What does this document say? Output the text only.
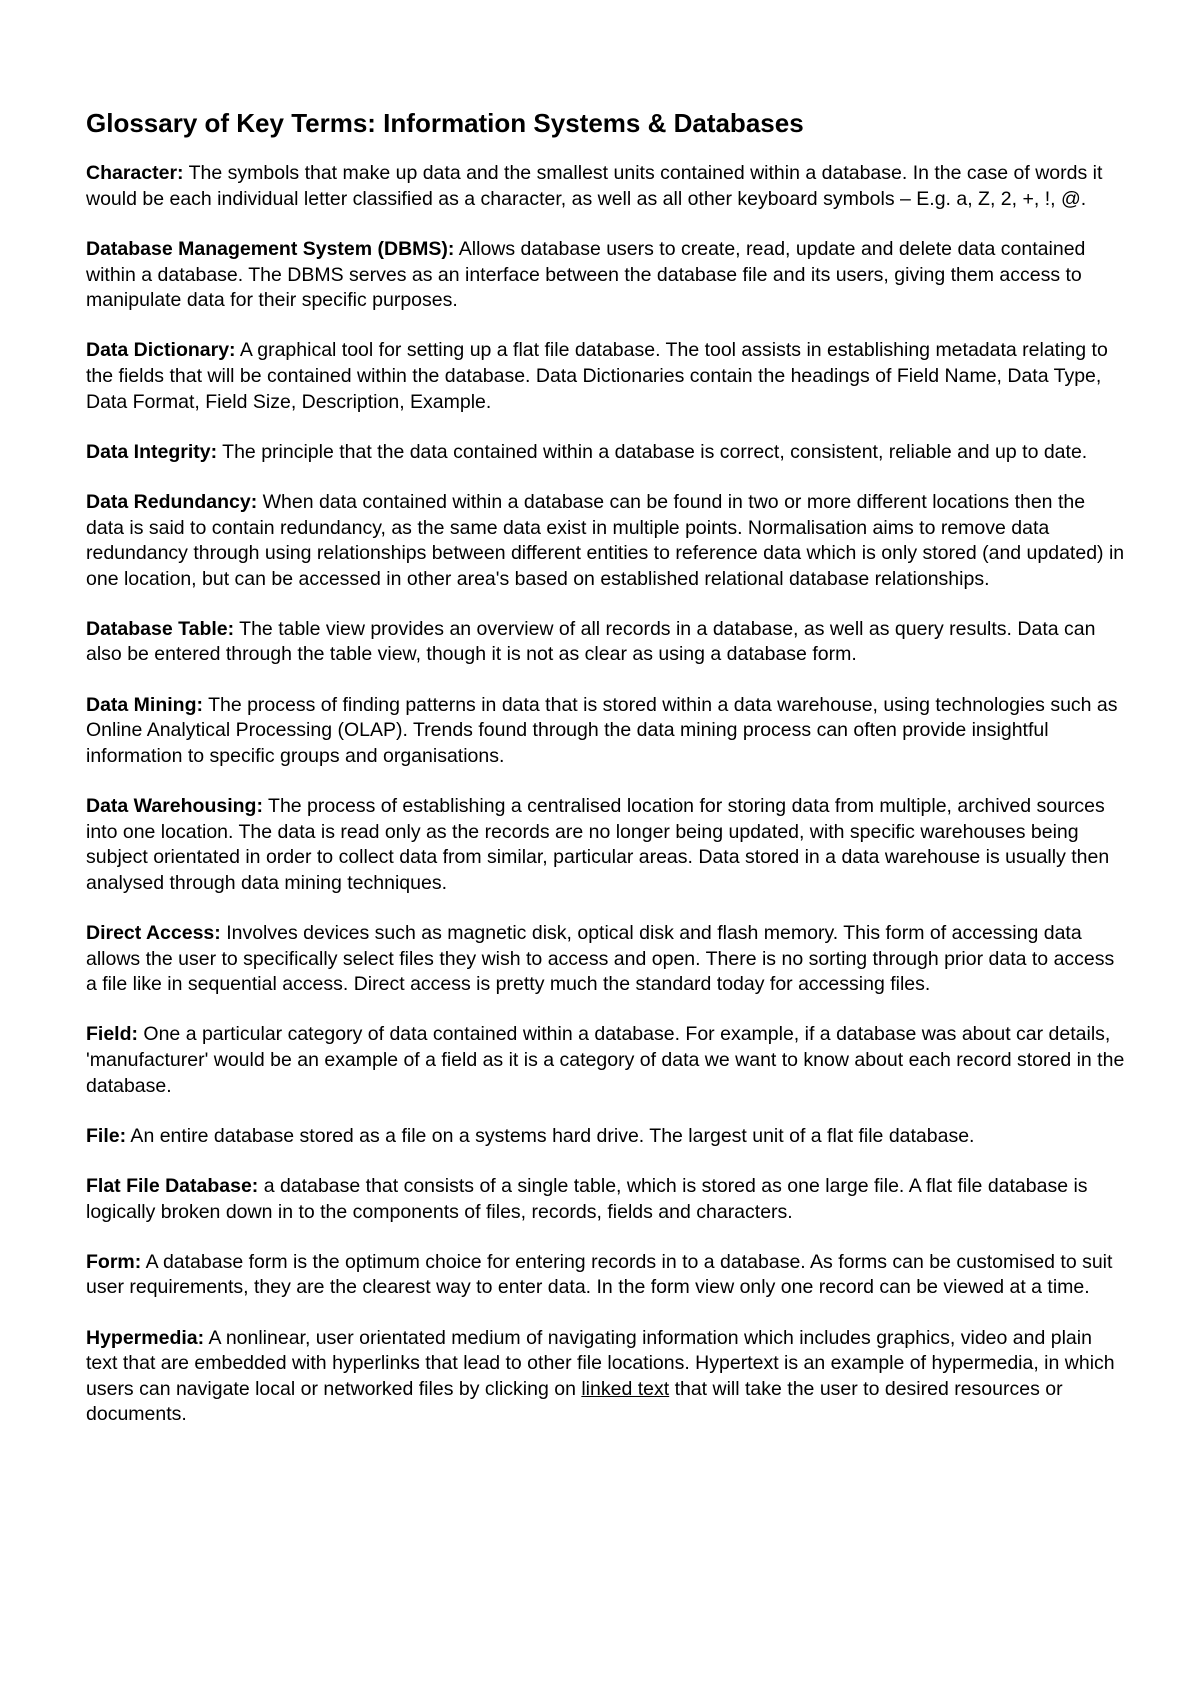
Glossary of Key Terms: Information Systems & Databases

Character: The symbols that make up data and the smallest units contained within a database. In the case of words it would be each individual letter classified as a character, as well as all other keyboard symbols – E.g. a, Z, 2, +, !, @.

Database Management System (DBMS): Allows database users to create, read, update and delete data contained within a database. The DBMS serves as an interface between the database file and its users, giving them access to manipulate data for their specific purposes.

Data Dictionary: A graphical tool for setting up a flat file database. The tool assists in establishing metadata relating to the fields that will be contained within the database. Data Dictionaries contain the headings of Field Name, Data Type, Data Format, Field Size, Description, Example.

Data Integrity: The principle that the data contained within a database is correct, consistent, reliable and up to date.

Data Redundancy: When data contained within a database can be found in two or more different locations then the data is said to contain redundancy, as the same data exist in multiple points. Normalisation aims to remove data redundancy through using relationships between different entities to reference data which is only stored (and updated) in one location, but can be accessed in other area's based on established relational database relationships.

Database Table: The table view provides an overview of all records in a database, as well as query results. Data can also be entered through the table view, though it is not as clear as using a database form.

Data Mining: The process of finding patterns in data that is stored within a data warehouse, using technologies such as Online Analytical Processing (OLAP). Trends found through the data mining process can often provide insightful information to specific groups and organisations.

Data Warehousing: The process of establishing a centralised location for storing data from multiple, archived sources into one location. The data is read only as the records are no longer being updated, with specific warehouses being subject orientated in order to collect data from similar, particular areas. Data stored in a data warehouse is usually then analysed through data mining techniques.

Direct Access: Involves devices such as magnetic disk, optical disk and flash memory. This form of accessing data allows the user to specifically select files they wish to access and open. There is no sorting through prior data to access a file like in sequential access. Direct access is pretty much the standard today for accessing files.

Field: One a particular category of data contained within a database. For example, if a database was about car details, 'manufacturer' would be an example of a field as it is a category of data we want to know about each record stored in the database.

File: An entire database stored as a file on a systems hard drive. The largest unit of a flat file database.

Flat File Database: a database that consists of a single table, which is stored as one large file. A flat file database is logically broken down in to the components of files, records, fields and characters.

Form: A database form is the optimum choice for entering records in to a database. As forms can be customised to suit user requirements, they are the clearest way to enter data. In the form view only one record can be viewed at a time.

Hypermedia: A nonlinear, user orientated medium of navigating information which includes graphics, video and plain text that are embedded with hyperlinks that lead to other file locations. Hypertext is an example of hypermedia, in which users can navigate local or networked files by clicking on linked text that will take the user to desired resources or documents.
